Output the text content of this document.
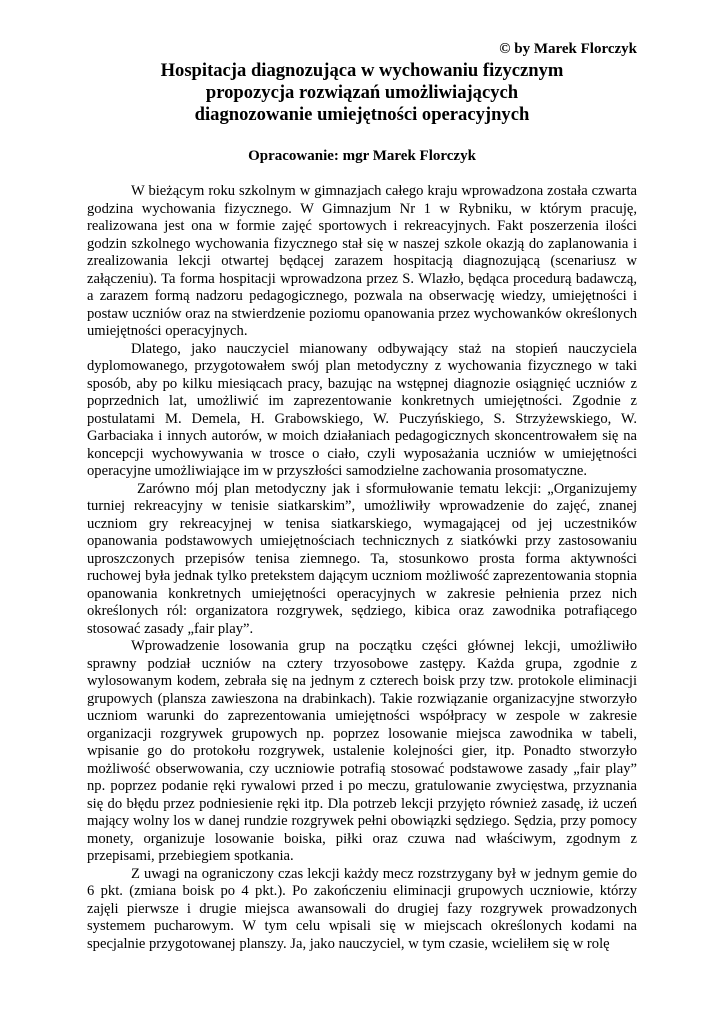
© by Marek Florczyk
Hospitacja diagnozująca w wychowaniu fizycznym
propozycja rozwiązań umożliwiających
diagnozowanie umiejętności operacyjnych
Opracowanie: mgr Marek Florczyk

W bieżącym roku szkolnym w gimnazjach całego kraju wprowadzona została czwarta godzina wychowania fizycznego. W Gimnazjum Nr 1 w Rybniku, w którym pracuję, realizowana jest ona w formie zajęć sportowych i rekreacyjnych. Fakt poszerzenia ilości godzin szkolnego wychowania fizycznego stał się w naszej szkole okazją do zaplanowania i zrealizowania lekcji otwartej będącej zarazem hospitacją diagnozującą (scenariusz w załączeniu). Ta forma hospitacji wprowadzona przez S. Wlazło, będąca procedurą badawczą, a zarazem formą nadzoru pedagogicznego, pozwala na obserwację wiedzy, umiejętności i postaw uczniów oraz na stwierdzenie poziomu opanowania przez wychowanków określonych umiejętności operacyjnych.

Dlatego, jako nauczyciel mianowany odbywający staż na stopień nauczyciela dyplomowanego, przygotowałem swój plan metodyczny z wychowania fizycznego w taki sposób, aby po kilku miesiącach pracy, bazując na wstępnej diagnozie osiągnięć uczniów z poprzednich lat, umożliwić im zaprezentowanie konkretnych umiejętności. Zgodnie z postulatami M. Demela, H. Grabowskiego, W. Puczyńskiego, S. Strzyżewskiego, W. Garbaciaka i innych autorów, w moich działaniach pedagogicznych skoncentrowałem się na koncepcji wychowywania w trosce o ciało, czyli wyposażania uczniów w umiejętności operacyjne umożliwiające im w przyszłości samodzielne zachowania prosomatyczne.

Zarówno mój plan metodyczny jak i sformułowanie tematu lekcji: „Organizujemy turniej rekreacyjny w tenisie siatkarskim”, umożliwiły wprowadzenie do zajęć, znanej uczniom gry rekreacyjnej w tenisa siatkarskiego, wymagającej od jej uczestników opanowania podstawowych umiejętnościach technicznych z siatkówki przy zastosowaniu uproszczonych przepisów tenisa ziemnego. Ta, stosunkowo prosta forma aktywności ruchowej była jednak tylko pretekstem dającym uczniom możliwość zaprezentowania stopnia opanowania konkretnych umiejętności operacyjnych w zakresie pełnienia przez nich określonych ról: organizatora rozgrywek, sędziego, kibica oraz zawodnika potrafiącego stosować zasady „fair play”.

Wprowadzenie losowania grup na początku części głównej lekcji, umożliwiło sprawny podział uczniów na cztery trzyosobowe zastępy. Każda grupa, zgodnie z wylosowanym kodem, zebrała się na jednym z czterech boisk przy tzw. protokole eliminacji grupowych (plansza zawieszona na drabinkach). Takie rozwiązanie organizacyjne stworzyło uczniom warunki do zaprezentowania umiejętności współpracy w zespole w zakresie organizacji rozgrywek grupowych np. poprzez losowanie miejsca zawodnika w tabeli, wpisanie go do protokołu rozgrywek, ustalenie kolejności gier, itp. Ponadto stworzyło możliwość obserwowania, czy uczniowie potrafią stosować podstawowe zasady „fair play” np. poprzez podanie ręki rywalowi przed i po meczu, gratulowanie zwycięstwa, przyznania się do błędu przez podniesienie ręki itp. Dla potrzeb lekcji przyjęto również zasadę, iż uczeń mający wolny los w danej rundzie rozgrywek pełni obowiązki sędziego. Sędzia, przy pomocy monety, organizuje losowanie boiska, piłki oraz czuwa nad właściwym, zgodnym z przepisami, przebiegiem spotkania.

Z uwagi na ograniczony czas lekcji każdy mecz rozstrzygany był w jednym gemie do 6 pkt. (zmiana boisk po 4 pkt.). Po zakończeniu eliminacji grupowych uczniowie, którzy zajęli pierwsze i drugie miejsca awansowali do drugiej fazy rozgrywek prowadzonych systemem pucharowym. W tym celu wpisali się w miejscach określonych kodami na specjalnie przygotowanej planszy. Ja, jako nauczyciel, w tym czasie, wcieliłem się w rolę
